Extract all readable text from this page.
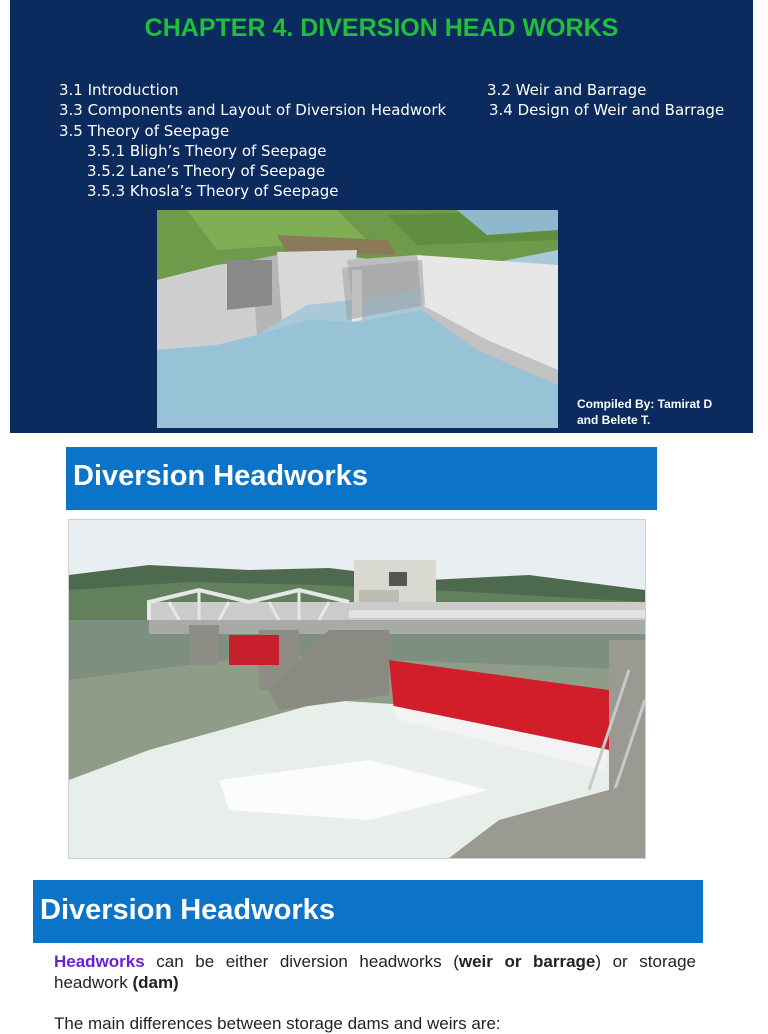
CHAPTER 4. DIVERSION HEAD WORKS
3.1 Introduction
3.3 Components and Layout of Diversion Headwork
3.5 Theory of Seepage
3.5.1 Bligh’s Theory of Seepage
3.5.2 Lane’s Theory of Seepage
3.5.3 Khosla’s Theory of Seepage
3.2 Weir and Barrage
3.4 Design of Weir and Barrage
Compiled By: Tamirat D
and Belete T.
Diversion Headworks
Diversion Headworks
Headworks can be either diversion headworks (weir or barrage) or storage headwork (dam)
The main differences between storage dams and weirs are:
